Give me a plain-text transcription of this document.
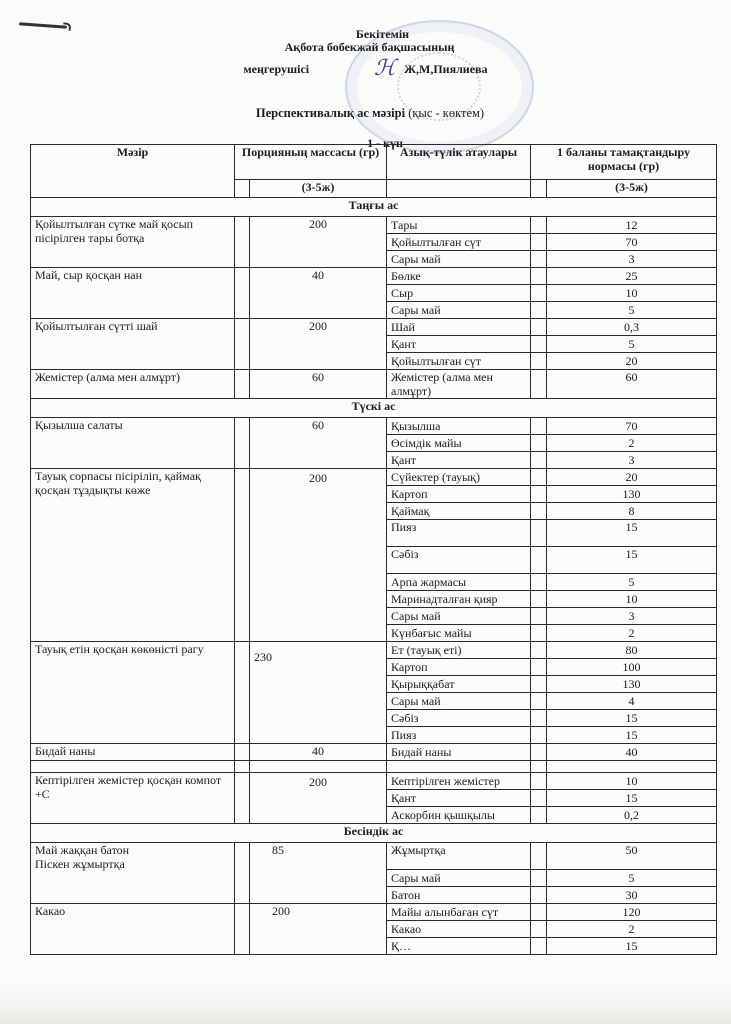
Бекітемін
Ақбота бобекжай бақшасының
меңгерушісі	Ж,М,Пиялиева
ℋ
Перспективалық ас мәзірі (қыс - көктем)
1 - күн
Мәзір	Порцияның массасы (гр)		Азық-түлік атаулары	1 баланы тамақтандыру нормасы (гр)	
		(3-5ж)			(3-5ж)
Таңғы ас					
Қойылтылған сүтке май қосып пісірілген тары ботқа		200	Тары		12
			Қойылтылған сүт		70
			Сары май		3
Май, сыр қосқан нан		40	Бөлке		25
			Сыр		10
			Сары май		5
Қойылтылған сүтті шай		200	Шай		0,3
			Қант		5
			Қойылтылған сүт		20
Жемістер (алма мен алмұрт)		60	Жемістер (алма мен алмұрт)		60
Түскі ас					
Қызылша салаты		60	Қызылша		70
			Өсімдік майы		2
			Қант		3
Тауық сорпасы пісіріліп, қаймақ қосқан тұздықты көже		200	Сүйектер (тауық)		20
			Картоп		130
			Қаймақ		8
			Пияз		15
			Сәбіз		15
			Арпа жармасы		5
			Маринадталған қияр		10
			Сары май		3
			Күнбағыс майы		2
Тауық етін қосқан көкөністі рагу		230	Ет (тауық еті)		80
			Картоп		100
			Қырыққабат		130
			Сары май		4
			Сәбіз		15
			Пияз		15
Бидай наны		40	Бидай наны		40

Кептірілген жемістер қосқан компот +С		200	Кептірілген жемістер		10
			Қант		15
			Аскорбин қышқылы		0,2
Бесіндік ас					

Май жаққан батон
Піскен жұмыртқа		85	Жұмыртқа		50
			Сары май		5
			Батон		30
Какао		200	Майы алынбаған сүт		120
			Какао		2
			Қ…		15
